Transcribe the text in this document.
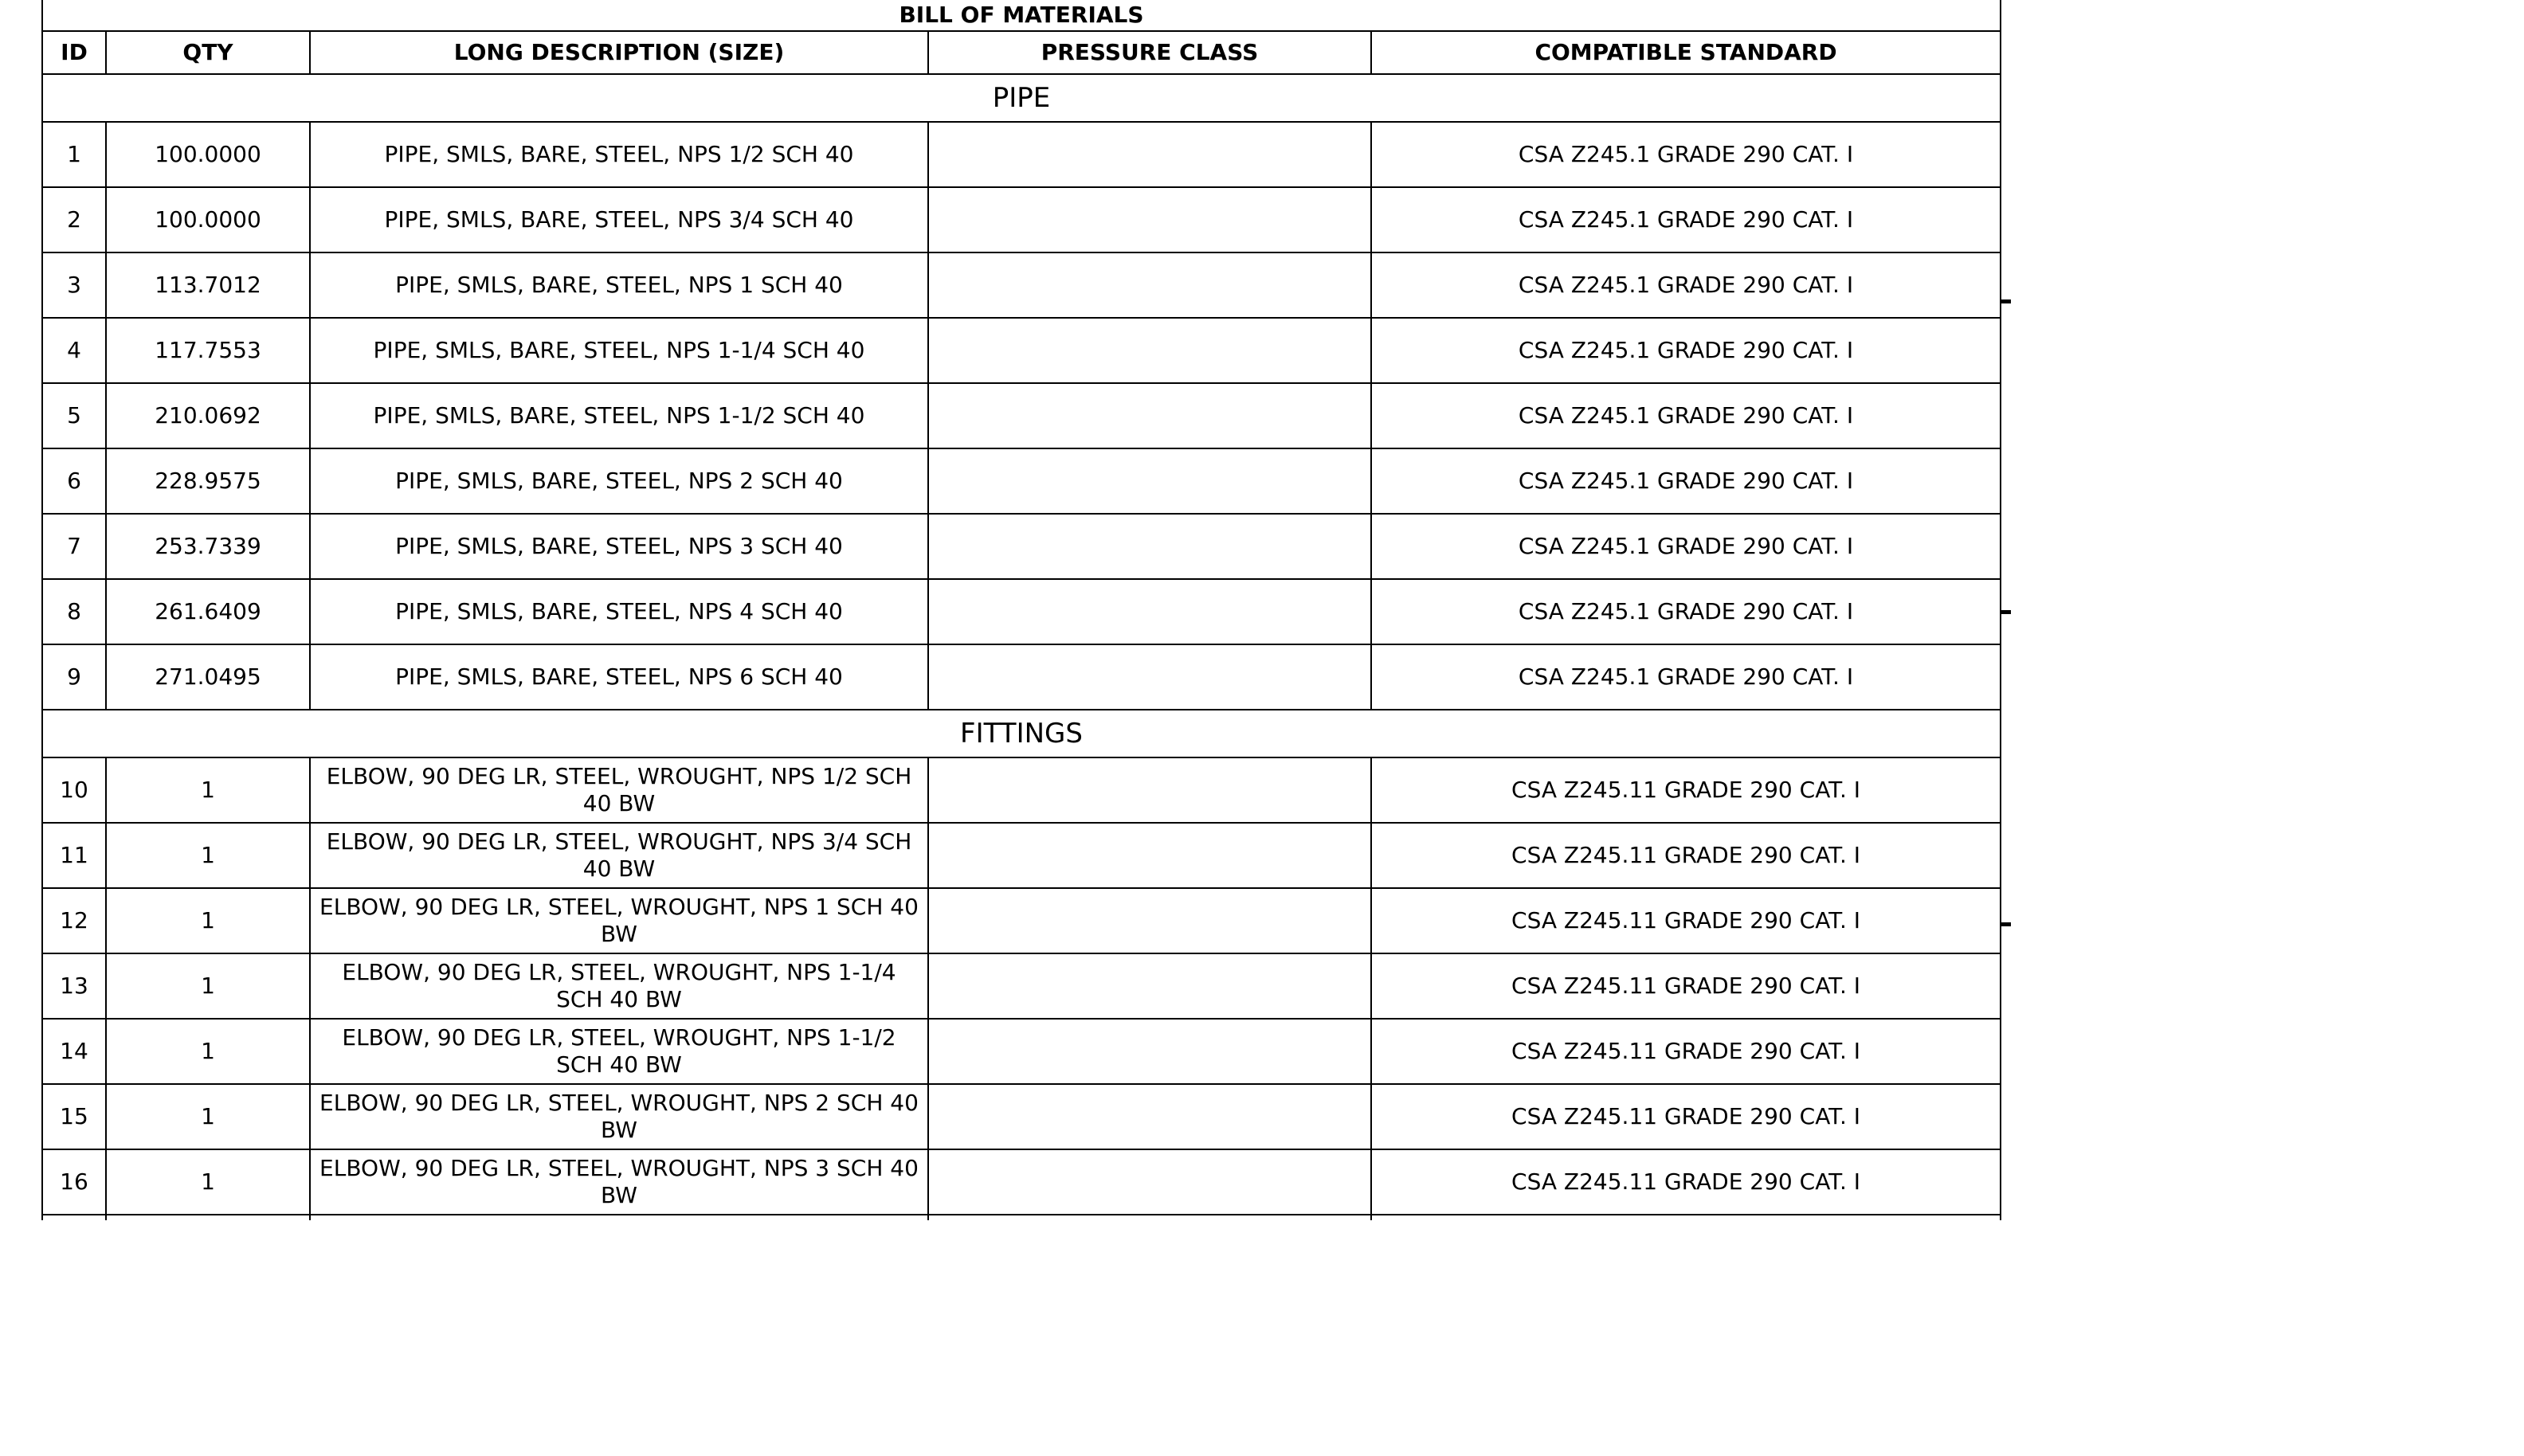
BILL OF MATERIALS				
ID	QTY	LONG DESCRIPTION (SIZE)	PRESSURE CLASS	COMPATIBLE STANDARD
PIPE				
1	100.0000	PIPE, SMLS, BARE, STEEL, NPS 1/2 SCH 40		CSA Z245.1 GRADE 290 CAT. I
2	100.0000	PIPE, SMLS, BARE, STEEL, NPS 3/4 SCH 40		CSA Z245.1 GRADE 290 CAT. I
3	113.7012	PIPE, SMLS, BARE, STEEL, NPS 1 SCH 40		CSA Z245.1 GRADE 290 CAT. I
4	117.7553	PIPE, SMLS, BARE, STEEL, NPS 1-1/4 SCH 40		CSA Z245.1 GRADE 290 CAT. I
5	210.0692	PIPE, SMLS, BARE, STEEL, NPS 1-1/2 SCH 40		CSA Z245.1 GRADE 290 CAT. I
6	228.9575	PIPE, SMLS, BARE, STEEL, NPS 2 SCH 40		CSA Z245.1 GRADE 290 CAT. I
7	253.7339	PIPE, SMLS, BARE, STEEL, NPS 3 SCH 40		CSA Z245.1 GRADE 290 CAT. I
8	261.6409	PIPE, SMLS, BARE, STEEL, NPS 4 SCH 40		CSA Z245.1 GRADE 290 CAT. I
9	271.0495	PIPE, SMLS, BARE, STEEL, NPS 6 SCH 40		CSA Z245.1 GRADE 290 CAT. I
FITTINGS				
10	1	ELBOW, 90 DEG LR, STEEL, WROUGHT, NPS 1/2 SCH 40 BW		CSA Z245.11 GRADE 290 CAT. I
11	1	ELBOW, 90 DEG LR, STEEL, WROUGHT, NPS 3/4 SCH 40 BW		CSA Z245.11 GRADE 290 CAT. I
12	1	ELBOW, 90 DEG LR, STEEL, WROUGHT, NPS 1 SCH 40 BW		CSA Z245.11 GRADE 290 CAT. I
13	1	ELBOW, 90 DEG LR, STEEL, WROUGHT, NPS 1-1/4 SCH 40 BW		CSA Z245.11 GRADE 290 CAT. I
14	1	ELBOW, 90 DEG LR, STEEL, WROUGHT, NPS 1-1/2 SCH 40 BW		CSA Z245.11 GRADE 290 CAT. I
15	1	ELBOW, 90 DEG LR, STEEL, WROUGHT, NPS 2 SCH 40 BW		CSA Z245.11 GRADE 290 CAT. I
16	1	ELBOW, 90 DEG LR, STEEL, WROUGHT, NPS 3 SCH 40 BW		CSA Z245.11 GRADE 290 CAT. I
